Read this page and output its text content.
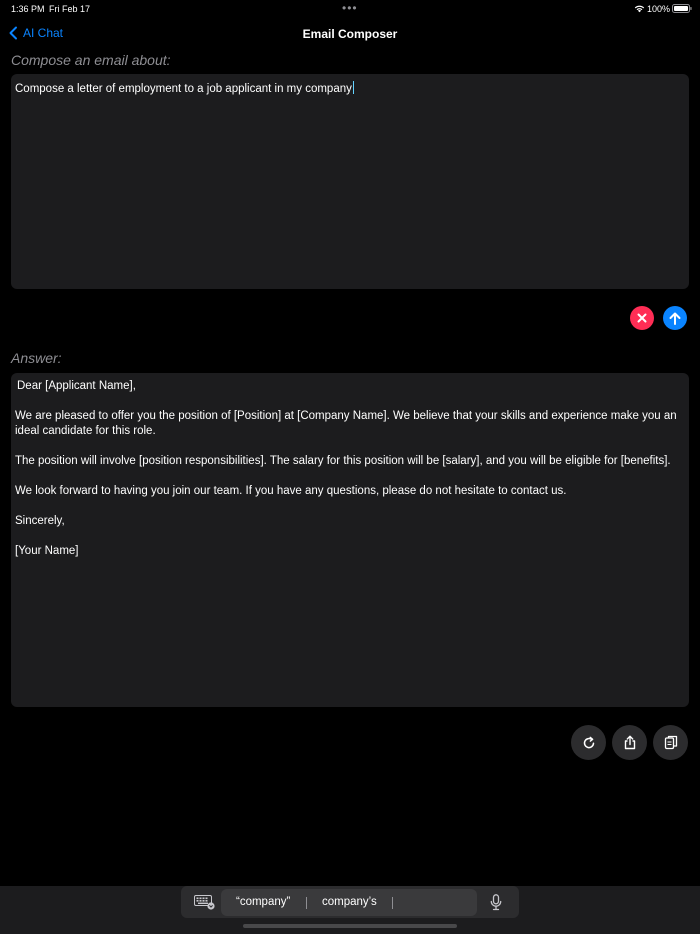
1:36 PM Fri Feb 17	•••	100%
AI Chat	Email Composer
Compose an email about:
Compose a letter of employment to a job applicant in my company
Answer:

Dear [Applicant Name],

We are pleased to offer you the position of [Position] at [Company Name]. We believe that your skills and experience make you an ideal candidate for this role.

The position will involve [position responsibilities]. The salary for this position will be [salary], and you will be eligible for [benefits].

We look forward to having you join our team. If you have any questions, please do not hesitate to contact us.

Sincerely,

[Your Name]

“company”	company’s
